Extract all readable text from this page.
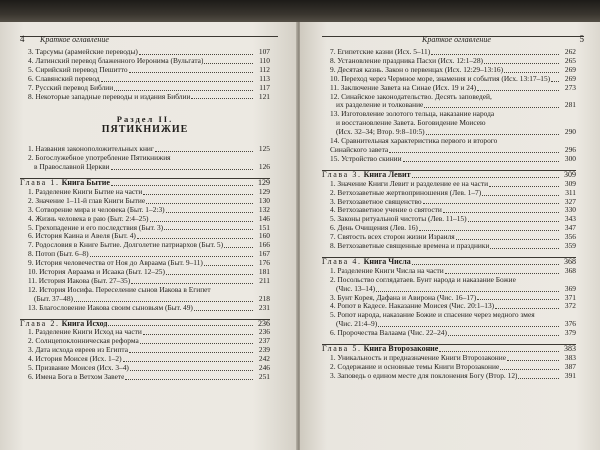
4 Краткое оглавление
3. Тарсумы (арамейские переводы)	107
4. Латинский перевод блаженного Иеронима (Вульгата)	110
5. Сирийский перевод Пешитто	112
6. Славянский перевод	113
7. Русский перевод Библии	117
8. Некоторые западные переводы и издания Библии	121
Раздел II.
ПЯТИКНИЖИЕ
1. Названия законоположительных книг	125
2. Богослужебное употребление Пятикнижия
в Православной Церкви	126
Глава 1. Книга Бытие	129
1. Разделение Книги Бытие на части	129
2. Значение 1–11-й глав Книги Бытие	130
3. Сотворение мира и человека (Быт. 1–2:3)	132
4. Жизнь человека в раю (Быт. 2:4–25)	146
5. Грехопадение и его последствия (Быт. 3)	151
6. История Каина и Авеля (Быт. 4)	160
7. Родословия в Книге Бытие. Долголетие патриархов (Быт. 5)	166
8. Потоп (Быт. 6–8)	167
9. История человечества от Ноя до Авраама (Быт. 9–11)	176
10. История Авраама и Исаака (Быт. 12–25)	181
11. История Иакова (Быт. 27–35)	211
12. История Иосифа. Переселение сынов Иакова в Египет
(Быт. 37–48)	218
13. Благословение Иакова своим сыновьям (Быт. 49)	231
Глава 2. Книга Исход	236
1. Разделение Книги Исход на части	236
2. Солнцепоклонническая реформа	237
3. Дата исхода евреев из Египта	239
4. История Моисея (Исх. 1–2)	242
5. Призвание Моисея (Исх. 3–4)	246
6. Имена Бога в Ветхом Завете	251
Краткое оглавление	5
7. Египетские казни (Исх. 5–11)	262
8. Установление праздника Пасхи (Исх. 12:1–28)	265
9. Десятая казнь. Закон о первенцах (Исх. 12:29–13:16)	269
10. Переход через Чермное море, знамения и события (Исх. 13:17–15)	269
11. Заключение Завета на Синае (Исх. 19 и 24)	273
12. Синайское законодательство. Десять заповедей,
их разделение и толкование	281
13. Изготовление золотого тельца, наказание народа
и восстановление Завета. Боговидение Моисею
(Исх. 32–34; Втор. 9:8–10:5)	290
14. Сравнительная характеристика первого и второго
Синайского завета	296
15. Устройство скинии	300
Глава 3. Книга Левит	309
1. Значение Книги Левит и разделение ее на части	309
2. Ветхозаветные жертвоприношения (Лев. 1–7)	311
3. Ветхозаветное священство	327
4. Ветхозаветное учение о святости	330
5. Законы ритуальной чистоты (Лев. 11–15)	343
6. День Очищения (Лев. 16)	347
7. Святость всех сторон жизни Израиля	356
8. Ветхозаветные священные времена и праздники	359
Глава 4. Книга Числа	368
1. Разделение Книги Числа на части	368
2. Посольство соглядатаев. Бунт народа и наказание Божие
(Чис. 13–14)	369
3. Бунт Корея, Дафана и Авирона (Чис. 16–17)	371
4. Ропот в Кадесе. Наказание Моисея (Чис. 20:1–13)	372
5. Ропот народа, наказание Божие и спасение через медного змея
(Чис. 21:4–9)	376
6. Пророчества Валаама (Чис. 22–24)	379
Глава 5. Книга Второзаконие	383
1. Уникальность и предназначение Книги Второзаконие	383
2. Содержание и основные темы Книги Второзаконие	387
3. Заповедь о едином месте для поклонения Богу (Втор. 12)	391
